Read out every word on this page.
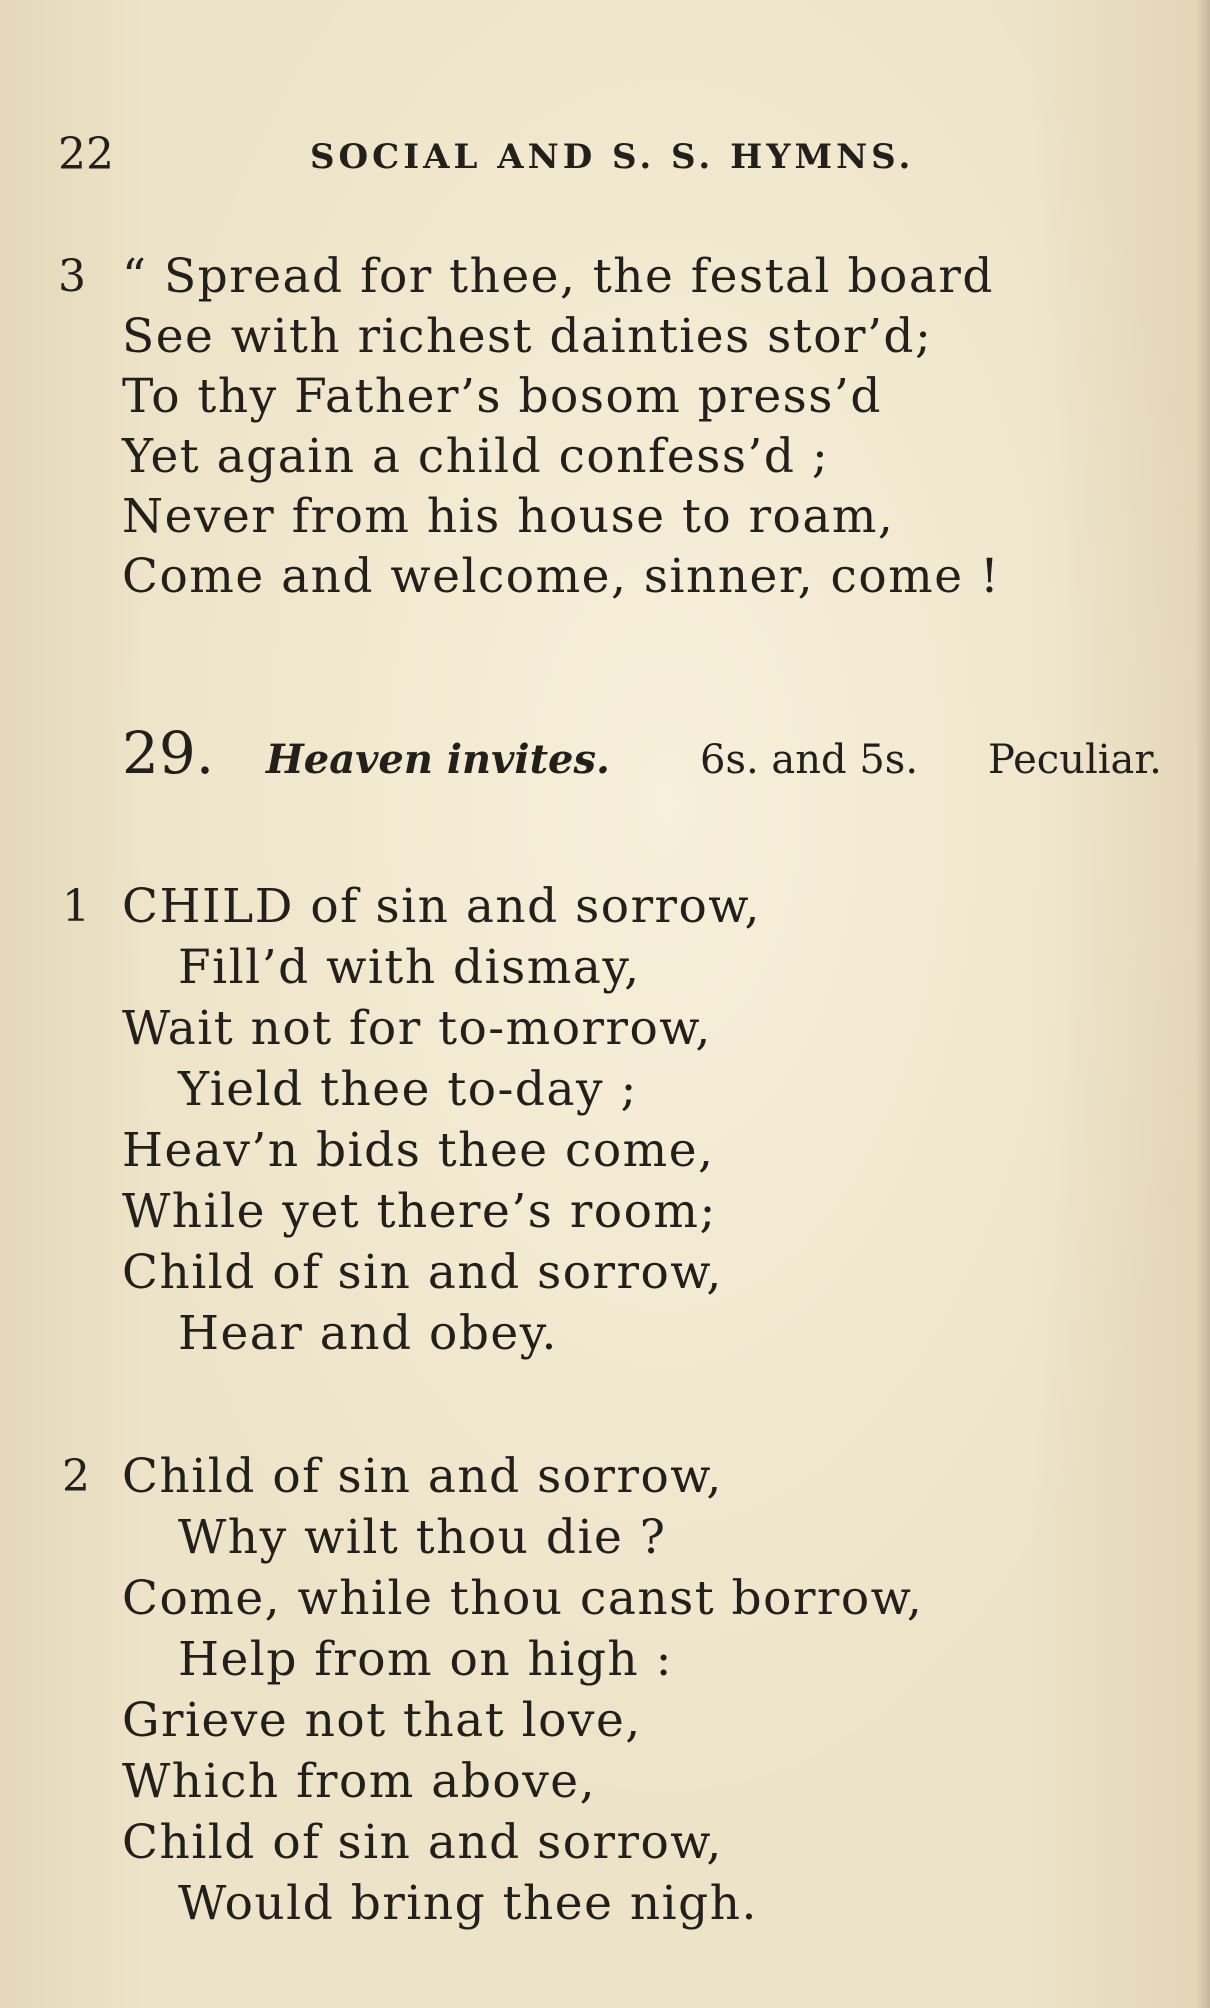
22	SOCIAL AND S. S. HYMNS.
3 “ Spread for thee, the festal board
See with richest dainties stor’d;
To thy Father’s bosom press’d
Yet again a child confess’d ;
Never from his house to roam,
Come and welcome, sinner, come !
29. Heaven invites. 6s. and 5s. Peculiar.
1 CHILD of sin and sorrow,
Fill’d with dismay,
Wait not for to-morrow,
Yield thee to-day ;
Heav’n bids thee come,
While yet there’s room;
Child of sin and sorrow,
Hear and obey.
2 Child of sin and sorrow,
Why wilt thou die ?
Come, while thou canst borrow,
Help from on high :
Grieve not that love,
Which from above,
Child of sin and sorrow,
Would bring thee nigh.
